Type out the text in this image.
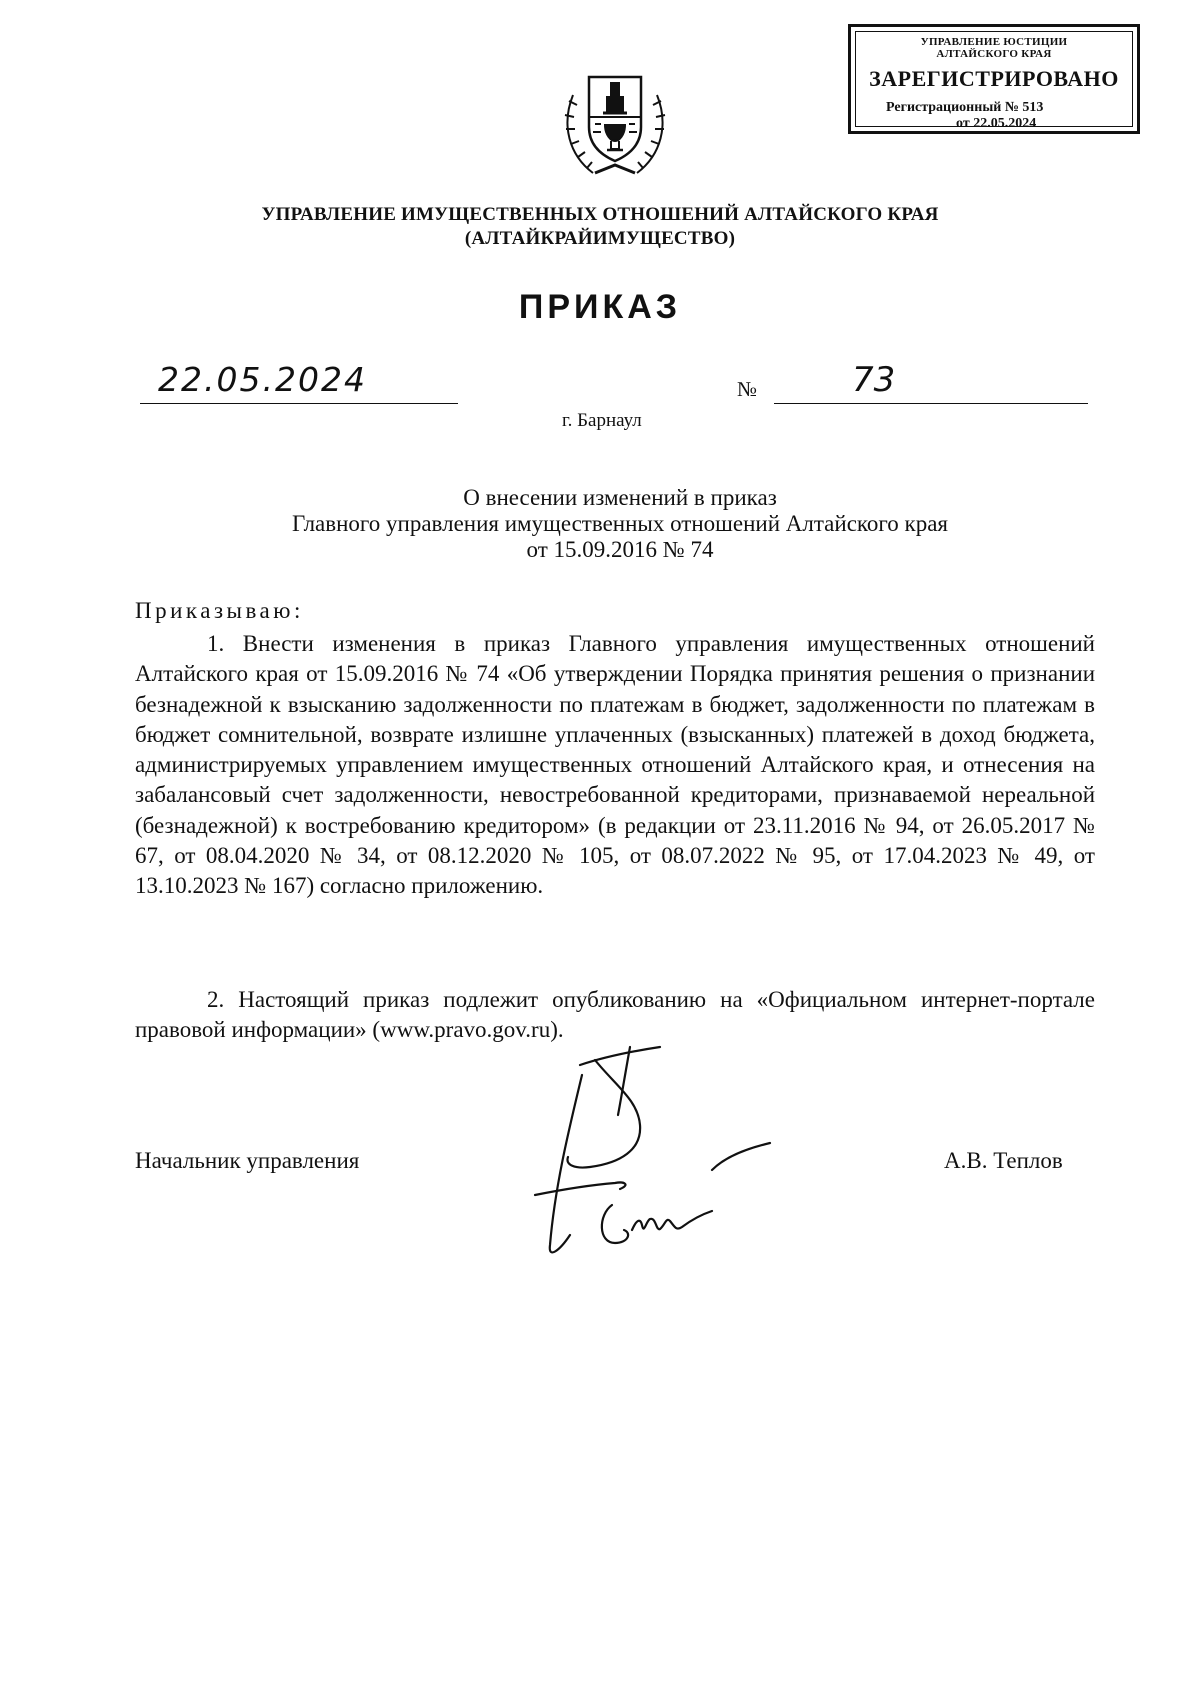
УПРАВЛЕНИЕ ЮСТИЦИИ
АЛТАЙСКОГО КРАЯ
ЗАРЕГИСТРИРОВАНО
Регистрационный № 513
от 22.05.2024
УПРАВЛЕНИЕ ИМУЩЕСТВЕННЫХ ОТНОШЕНИЙ АЛТАЙСКОГО КРАЯ
(АЛТАЙКРАЙИМУЩЕСТВО)
ПРИКАЗ
22.05.2024	№	73
г. Барнаул
О внесении изменений в приказ
Главного управления имущественных отношений Алтайского края
от 15.09.2016 № 74
Приказываю:
1. Внести изменения в приказ Главного управления имущественных отношений Алтайского края от 15.09.2016 № 74 «Об утверждении Порядка принятия решения о признании безнадежной к взысканию задолженности по платежам в бюджет, задолженности по платежам в бюджет сомнительной, возврате излишне уплаченных (взысканных) платежей в доход бюджета, администрируемых управлением имущественных отношений Алтайского края, и отнесения на забалансовый счет задолженности, невостребованной кредиторами, признаваемой нереальной (безнадежной) к востребованию кредитором» (в редакции от 23.11.2016 № 94, от 26.05.2017 № 67, от 08.04.2020 № 34, от 08.12.2020 № 105, от 08.07.2022 № 95, от 17.04.2023 № 49, от 13.10.2023 № 167) согласно приложению.
2. Настоящий приказ подлежит опубликованию на «Официальном интернет-портале правовой информации» (www.pravo.gov.ru).
Начальник управления	А.В. Теплов
